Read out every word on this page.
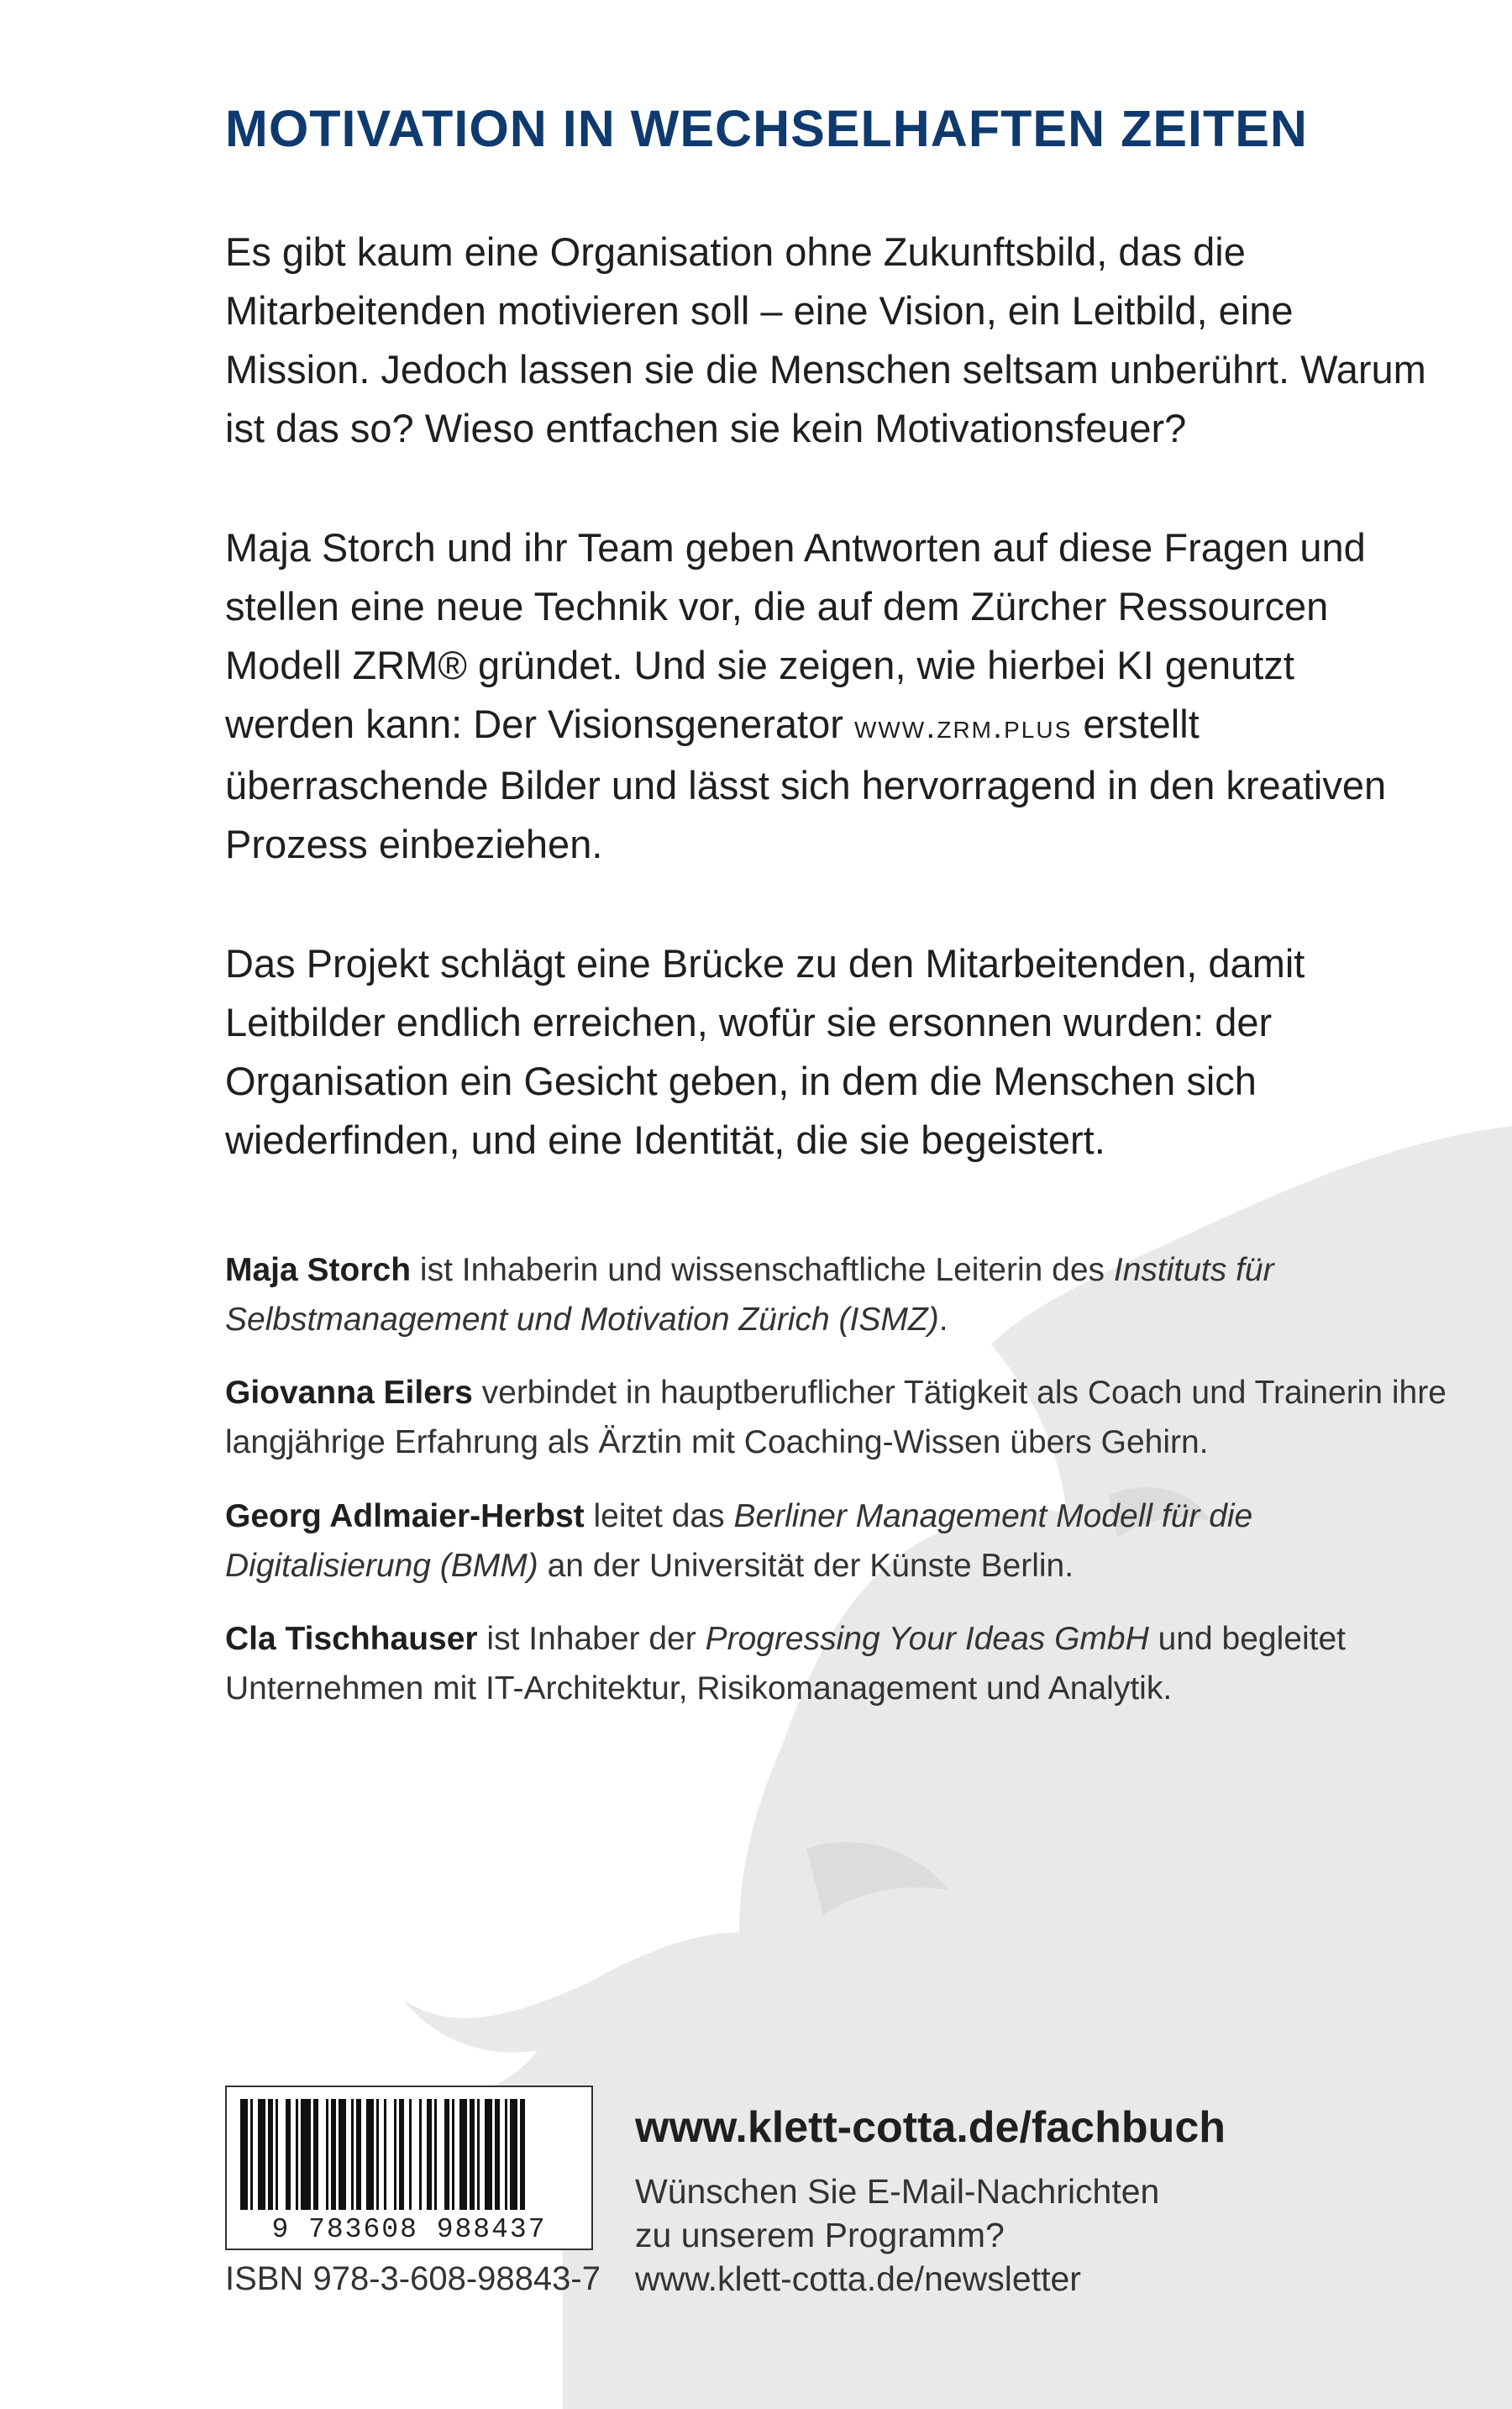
MOTIVATION IN WECHSELHAFTEN ZEITEN

Es gibt kaum eine Organisation ohne Zukunftsbild, das die Mitarbeitenden motivieren soll – eine Vision, ein Leitbild, eine Mission. Jedoch lassen sie die Menschen seltsam unberührt. Warum ist das so? Wieso entfachen sie kein Motivationsfeuer?

Maja Storch und ihr Team geben Antworten auf diese Fragen und stellen eine neue Technik vor, die auf dem Zürcher Ressourcen Modell ZRM® gründet. Und sie zeigen, wie hierbei KI genutzt werden kann: Der Visionsgenerator www.zrm.plus erstellt überraschende Bilder und lässt sich hervorragend in den kreativen Prozess einbeziehen.

Das Projekt schlägt eine Brücke zu den Mitarbeitenden, damit Leitbilder endlich erreichen, wofür sie ersonnen wurden: der Organisation ein Gesicht geben, in dem die Menschen sich wiederfinden, und eine Identität, die sie begeistert.

Maja Storch ist Inhaberin und wissenschaftliche Leiterin des Instituts für Selbstmanagement und Motivation Zürich (ISMZ).

Giovanna Eilers verbindet in hauptberuflicher Tätigkeit als Coach und Trainerin ihre langjährige Erfahrung als Ärztin mit Coaching-Wissen übers Gehirn.

Georg Adlmaier-Herbst leitet das Berliner Management Modell für die Digitalisierung (BMM) an der Universität der Künste Berlin.

Cla Tischhauser ist Inhaber der Progressing Your Ideas GmbH und begleitet Unternehmen mit IT-Architektur, Risikomanagement und Analytik.

9 783608 988437

ISBN 978-3-608-98843-7

www.klett-cotta.de/fachbuch

Wünschen Sie E-Mail-Nachrichten

zu unserem Programm?

www.klett-cotta.de/newsletter
